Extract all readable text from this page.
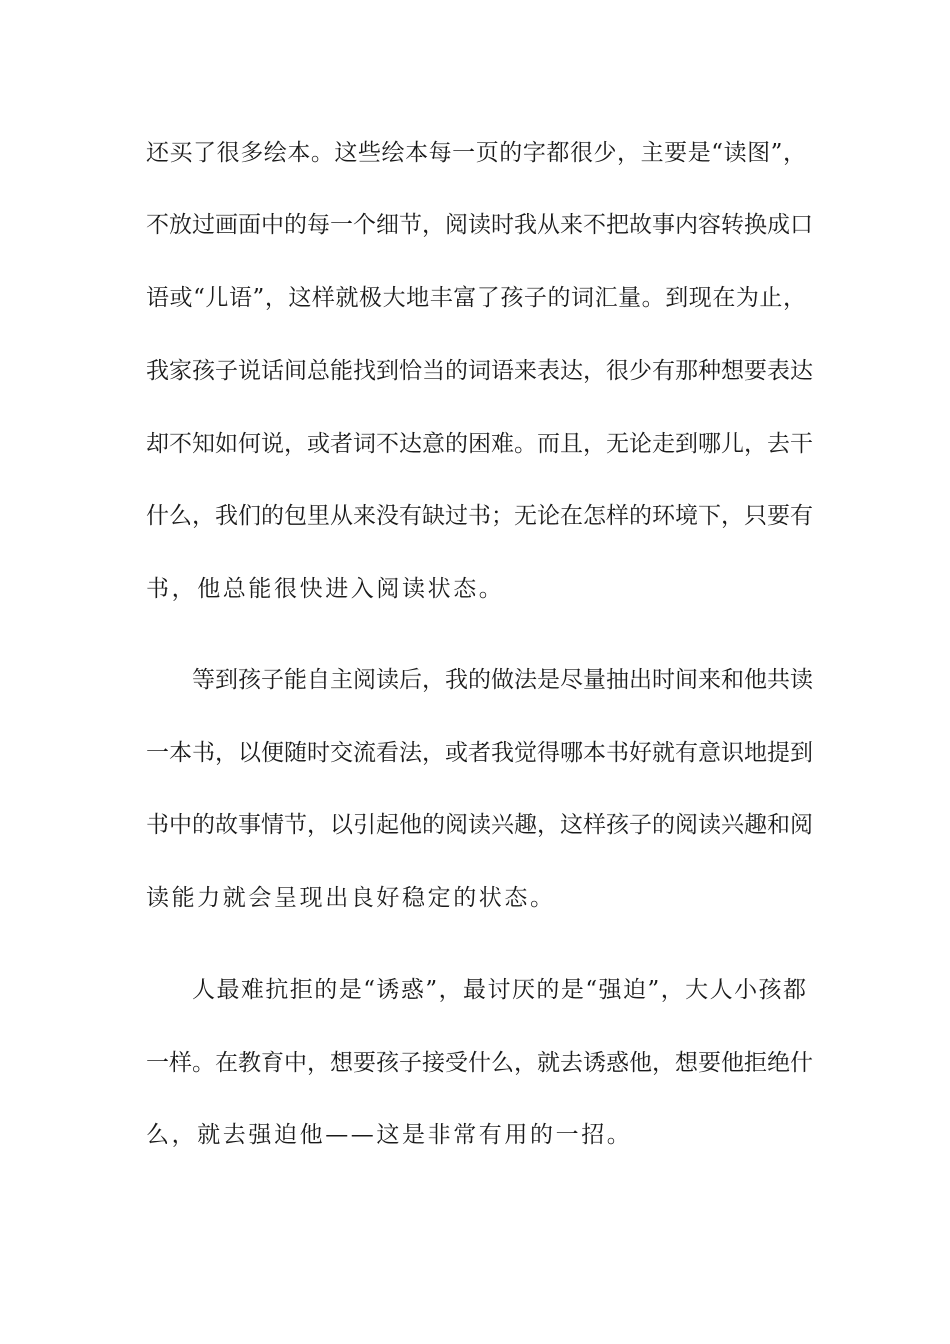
还买了很多绘本。这些绘本每一页的字都很少，主要是“读图”，

不放过画面中的每一个细节，阅读时我从来不把故事内容转换成口

语或“儿语”，这样就极大地丰富了孩子的词汇量。到现在为止，

我家孩子说话间总能找到恰当的词语来表达，很少有那种想要表达

却不知如何说，或者词不达意的困难。而且，无论走到哪儿，去干

什么，我们的包里从来没有缺过书；无论在怎样的环境下，只要有

书，他总能很快进入阅读状态。

等到孩子能自主阅读后，我的做法是尽量抽出时间来和他共读

一本书，以便随时交流看法，或者我觉得哪本书好就有意识地提到

书中的故事情节，以引起他的阅读兴趣，这样孩子的阅读兴趣和阅

读能力就会呈现出良好稳定的状态。

人最难抗拒的是“诱惑”，最讨厌的是“强迫”，大人小孩都

一样。在教育中，想要孩子接受什么，就去诱惑他，想要他拒绝什

么，就去强迫他——这是非常有用的一招。
